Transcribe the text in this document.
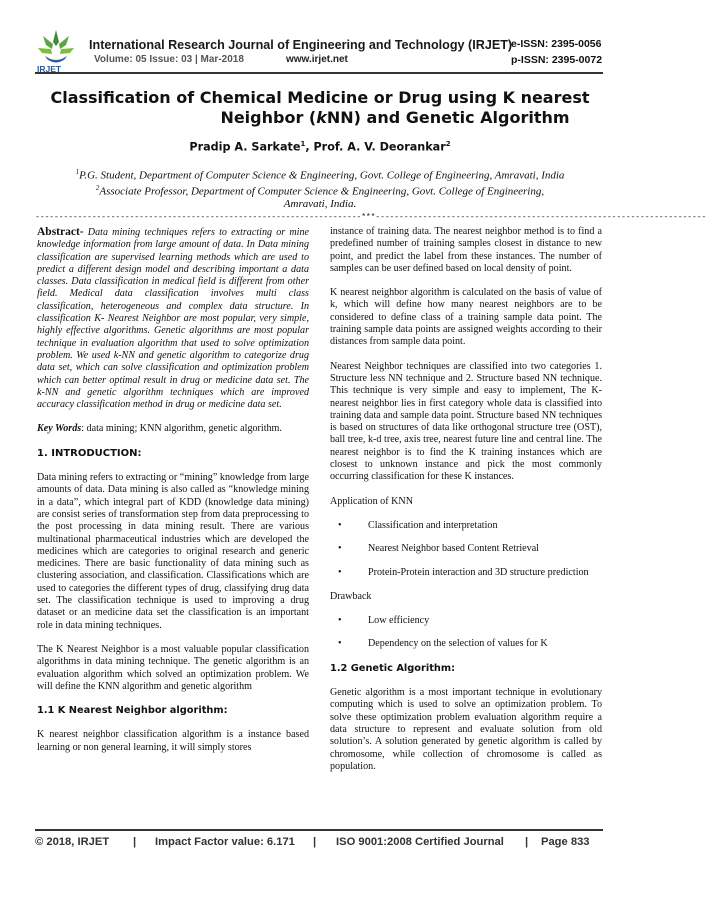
IRJET
International Research Journal of Engineering and Technology (IRJET)
Volume: 05 Issue: 03 | Mar-2018	www.irjet.net
e-ISSN: 2395-0056
p-ISSN: 2395-0072
Classification of Chemical Medicine or Drug using K nearest
Neighbor (kNN) and Genetic Algorithm
Pradip A. Sarkate$^1$, Prof. A. V. Deorankar$^2$
$^1$P.G. Student, Department of Computer Science & Engineering, Govt. College of Engineering, Amravati, India
$^2$Associate Professor, Department of Computer Science & Engineering, Govt. College of Engineering,
Amravati, India.
---------------------------------------------------------------------***----------------------------------------------------------------------

Abstract- Data mining techniques refers to extracting or mine knowledge information from large amount of data. In Data mining classification are supervised learning methods which are used to predict a different design model and describing important a data classes. Data classification in medical field is different from other field. Medical data classification involves multi class classification, heterogeneous and complex data structure. In classification K- Nearest Neighbor are most popular, very simple, highly effective algorithms. Genetic algorithms are most popular technique in evaluation algorithm that used to solve optimization problem. We used k-NN and genetic algorithm to categorize drug data set, which can solve classification and optimization problem which can better optimal result in drug or medicine data set. The k-NN and genetic algorithm techniques which are improved accuracy classification method in drug or medicine data set.

Key Words: data mining; KNN algorithm, genetic algorithm.

1. INTRODUCTION:

Data mining refers to extracting or “mining” knowledge from large amounts of data. Data mining is also called as “knowledge mining in a data”, which integral part of KDD (knowledge data mining) are consist series of transformation step from data preprocessing to the post processing in data mining result. There are various multinational pharmaceutical industries which are developed the medicines which are categories to original research and generic medicines. There are basic functionality of data mining such as clustering association, and classification. Classifications which are used to categories the different types of drug, classifying drug data set. The classification technique is used to improving a drug dataset or an medicine data set the classification is an important role in data mining techniques.

The K Nearest Neighbor is a most valuable popular classification algorithms in data mining technique. The genetic algorithm is an evaluation algorithm which solved an optimization problem. We will define the KNN algorithm and genetic algorithm

1.1 K Nearest Neighbor algorithm:

K nearest neighbor classification algorithm is a instance based learning or non general learning, it will simply stores

instance of training data. The nearest neighbor method is to find a predefined number of training samples closest in distance to new point, and predict the label from these instances. The number of samples can be user defined based on local density of point.

K nearest neighbor algorithm is calculated on the basis of value of k, which will define how many nearest neighbors are to be considered to define class of a training sample data point. The training sample data points are assigned weights according to their distances from sample data point.

Nearest Neighbor techniques are classified into two categories 1. Structure less NN technique and 2. Structure based NN technique. This technique is very simple and easy to implement, The K-nearest neighbor lies in first category whole data is classified into training data and sample data point. Structure based NN techniques is based on structures of data like orthogonal structure tree (OST), ball tree, k-d tree, axis tree, nearest future line and central line. The nearest neighbor is to find the K training instances which are closest to unknown instance and pick the most commonly occurring classification for these K instances.

Application of KNN

•	Classification and interpretation
•	Nearest Neighbor based Content Retrieval
•	Protein-Protein interaction and 3D structure prediction

Drawback

•	Low efficiency
•	Dependency on the selection of values for K
1.2 Genetic Algorithm:

Genetic algorithm is a most important technique in evolutionary computing which is used to solve an optimization problem. To solve these optimization problem evaluation algorithm require a data structure to represent and evaluate solution from old solution’s. A solution generated by genetic algorithm is called by chromosome, while collection of chromosome is called as population.

© 2018, IRJET | Impact Factor value: 6.171 | ISO 9001:2008 Certified Journal | Page 833
